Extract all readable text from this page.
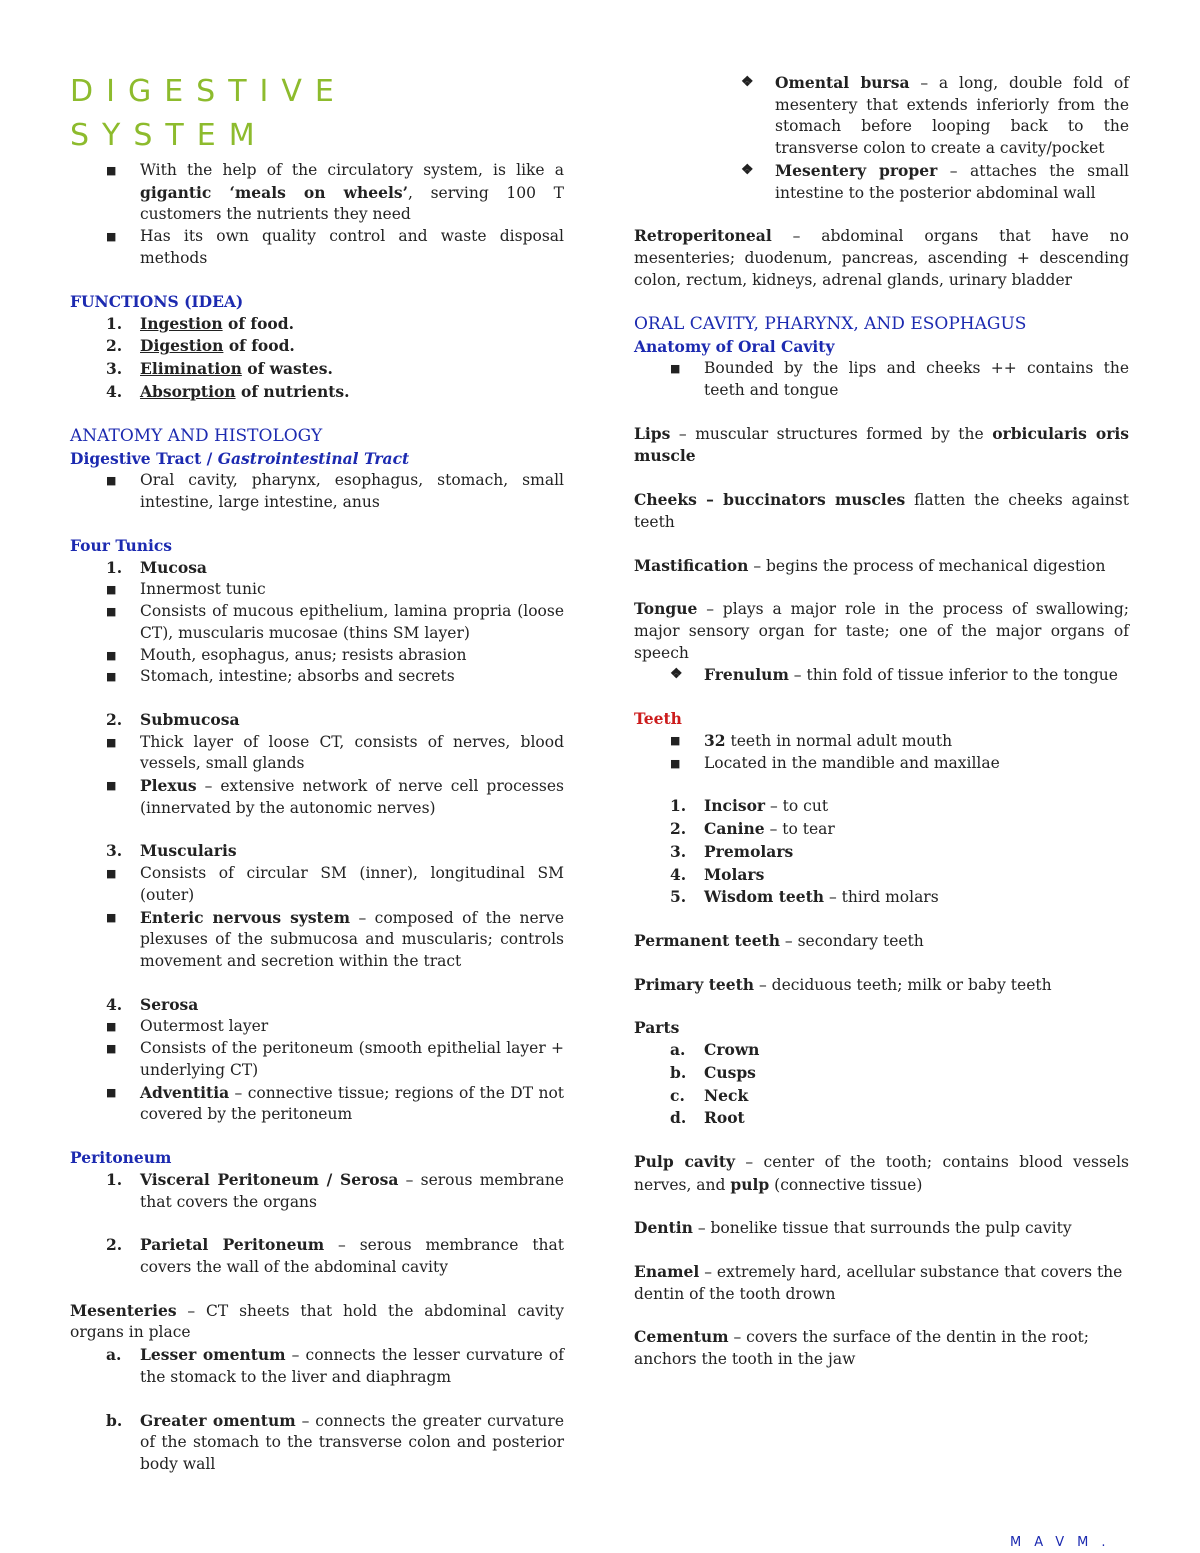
DIGESTIVE SYSTEM
■	With the help of the circulatory system, is like a gigantic ‘meals on wheels’, serving 100 T customers the nutrients they need
■	Has its own quality control and waste disposal methods
FUNCTIONS (IDEA)
1. Ingestion of food.
2. Digestion of food.
3. Elimination of wastes.
4. Absorption of nutrients.
ANATOMY AND HISTOLOGY
Digestive Tract / Gastrointestinal Tract
■	Oral cavity, pharynx, esophagus, stomach, small intestine, large intestine, anus
Four Tunics
1. Mucosa
■	Innermost tunic
■	Consists of mucous epithelium, lamina propria (loose CT), muscularis mucosae (thins SM layer)
■	Mouth, esophagus, anus; resists abrasion
■	Stomach, intestine; absorbs and secrets
2. Submucosa
■	Thick layer of loose CT, consists of nerves, blood vessels, small glands
■	Plexus – extensive network of nerve cell processes (innervated by the autonomic nerves)
3. Muscularis
■	Consists of circular SM (inner), longitudinal SM (outer)
■	Enteric nervous system – composed of the nerve plexuses of the submucosa and muscularis; controls movement and secretion within the tract
4. Serosa
■	Outermost layer
■	Consists of the peritoneum (smooth epithelial layer + underlying CT)
■	Adventitia – connective tissue; regions of the DT not covered by the peritoneum
Peritoneum
1. Visceral Peritoneum / Serosa – serous membrane that covers the organs
2. Parietal Peritoneum – serous membrance that covers the wall of the abdominal cavity

Mesenteries – CT sheets that hold the abdominal cavity organs in place

a. Lesser omentum – connects the lesser curvature of the stomack to the liver and diaphragm
b. Greater omentum – connects the greater curvature of the stomach to the transverse colon and posterior body wall
❖	Omental bursa – a long, double fold of mesentery that extends inferiorly from the stomach before looping back to the transverse colon to create a cavity/pocket
❖	Mesentery proper – attaches the small intestine to the posterior abdominal wall

Retroperitoneal – abdominal organs that have no mesenteries; duodenum, pancreas, ascending + descending colon, rectum, kidneys, adrenal glands, urinary bladder

ORAL CAVITY, PHARYNX, AND ESOPHAGUS
Anatomy of Oral Cavity
■	Bounded by the lips and cheeks ++ contains the teeth and tongue

Lips – muscular structures formed by the orbicularis oris muscle

Cheeks – buccinators muscles flatten the cheeks against teeth

Mastification – begins the process of mechanical digestion

Tongue – plays a major role in the process of swallowing; major sensory organ for taste; one of the major organs of speech

❖	Frenulum – thin fold of tissue inferior to the tongue
Teeth
■	32 teeth in normal adult mouth
■	Located in the mandible and maxillae
1. Incisor – to cut
2. Canine – to tear
3. Premolars
4. Molars
5. Wisdom teeth – third molars

Permanent teeth – secondary teeth

Primary teeth – deciduous teeth; milk or baby teeth

Parts

a. Crown
b. Cusps
c.	Neck
d. Root

Pulp cavity – center of the tooth; contains blood vessels nerves, and pulp (connective tissue)

Dentin – bonelike tissue that surrounds the pulp cavity

Enamel – extremely hard, acellular substance that covers the dentin of the tooth drown

Cementum – covers the surface of the dentin in the root; anchors the tooth in the jaw

MAVM.
